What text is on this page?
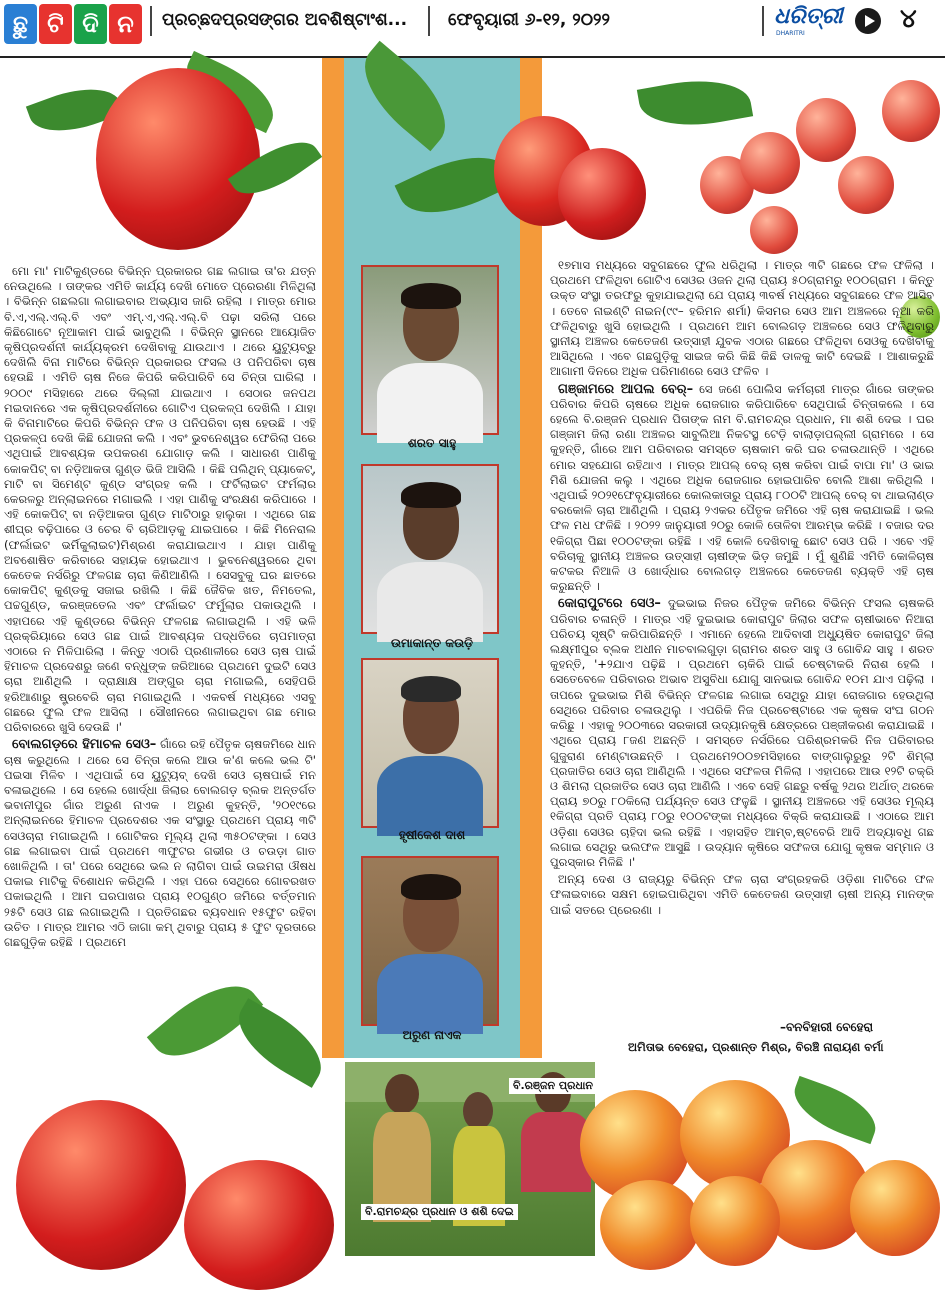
ଛୁ ଟି ଦି ନ	ପ୍ରଚ୍ଛଦପ୍ରସଙ୍ଗର ଅବଶିଷ୍ଟାଂଶ... ଫେବୃୟାରୀ ୬-୧୨, ୨୦୨୨	ଧରିତ୍ରୀ
DHARITRI	୪
ଶରତ ସାହୁ
ଉମାକାନ୍ତ କଉଡ଼ି
ହୃଷୀକେଶ ଦାଶ
ଅରୁଣ ନାଏକ

ମୋ ମା' ମାଟିକୁଣ୍ଡରେ ବିଭିନ୍ନ ପ୍ରକାରର ଗଛ ଲଗାଇ ତା'ର ଯତ୍ନ ନେଉଥିଲେ । ତାଙ୍କର ଏମିତି କାର୍ଯ୍ୟ ଦେଖି ମୋତେ ପ୍ରେରଣା ମିଳିଥିଲା । ବିଭିନ୍ନ ଗଛଲଗା ଲଗାଇବାର ଅଭ୍ୟାସ ଜାରି ରହିଲା । ମାତ୍ର ମୋର ବି.ଏ,ଏଲ୍.ଏଲ୍.ବି ଏବଂ ଏମ୍.ଏ,ଏଲ୍.ଏଲ୍.ବି ପଢ଼ା ସରିଲା ପରେ କିଛିଗୋଟେ ନୂଆକାମ ପାଇଁ ଭାବୁଥିଲି । ବିଭିନ୍ନ ସ୍ଥାନରେ ଆୟୋଜିତ କୃଷିପ୍ରଦର୍ଶନୀ କାର୍ଯ୍ୟକ୍ରମ ଦେଖିବାକୁ ଯାଉଥାଏ । ଥରେ ୟୁଟ୍ୟୁବ୍‌ରୁ ଦେଖିଲି ବିନା ମାଟିରେ ବିଭିନ୍ନ ପ୍ରକାରର ଫସଲ ଓ ପନିପରିବା ଚାଷ ହେଉଛି । ଏମିତି ଚାଷ ନିଜେ କିପରି କରିପାରିବି ସେ ଚିନ୍ତା ଘାରିଲା । ୨୦୦୯ ମସିହାରେ ଥରେ ଦିଲ୍ଲୀ ଯାଇଥାଏ । ସେଠାର ଜନପଥ ମଇଦାନରେ ଏକ କୃଷିପ୍ରଦର୍ଶନୀରେ ଗୋଟିଏ ପ୍ରକଳ୍ପ ଦେଖିଲି । ଯାହା କି ବିନାମାଟିରେ କିପରି ବିଭିନ୍ନ ଫଳ ଓ ପନିପରିବା ଚାଷ ହେଉଛି । ଏହି ପ୍ରକଳ୍ପ ଦେଖି କିଛି ଯୋଜନା କଲି । ଏବଂ ଭୁବନେଶ୍ୱର ଫେରିଲା ପରେ ଏଥିପାଇଁ ଆବଶ୍ୟକ ଉପକରଣ ଯୋଗାଡ଼ କଲି । ସାଧାରଣ ପାଣିକୁ କୋକପିଟ୍ ବା ନଡ଼ିଆକତା ଗୁଣ୍ଡ ଭିଜି ଆସିଲି । କିଛି ପଲିଥିନ୍ ପ୍ୟାକେଟ୍, ମାଟି ବା ସିମେଣ୍ଟ କୁଣ୍ଡ ସଂଗ୍ରହ କଲି । ଫର୍ଟିଲାଇଟ ଫର୍ମଲାର କେରଳରୁ ଅନ୍‌ଲାଇନରେ ମଗାଇଲି । ଏହା ପାଣିକୁ ସଂରକ୍ଷଣ କରିପାରେ । ଏହି କୋକପିଟ୍ ବା ନଡ଼ିଆକତା ଗୁଣ୍ଡ ମାଟିଠାରୁ ହାଲୁକା । ଏଥିରେ ଗଛ ଶୀଘ୍ର ବଢ଼ିପାରେ ଓ ଚେର ବି ଚାରିଆଡ଼କୁ ଯାଇପାରେ । କିଛି ମିନେରାଲ (ଫର୍ଲାଇଟ ଭର୍ମିକୁଲାଇଟ)ମିଶ୍ରଣ କରାଯାଇଥାଏ । ଯାହା ପାଣିକୁ ଅବଶୋଷିତ କରିବାରେ ସହାୟକ ହୋଇଥାଏ । ଭୁବନେଶ୍ୱରରେ ଥିବା କେତେକ ନର୍ସରିରୁ ଫଳଗଛ ଚାରା କିଣିଆଣିଲି । ସେସବୁକୁ ଘର ଛାତରେ କୋକପିଟ୍ କୁଣ୍ଡକୁ ସଜାଇ ରଖିଲି । କିଛି ଜୈବିକ ଖତ, ନିମତେଲ, ପଚ୍ଚଗୁଣ୍ଡ, କରଞ୍ଜତେଲ ଏବଂ ଫର୍ଲାଇଟ ଫର୍ମୁଲାର ପକାଉଥିଲି । ଏହାପରେ ଏହି କୁଣ୍ଡରେ ବିଭିନ୍ନ ଫଳଗଛ ଲଗାଇଥିଲି । ଏହି ଭଳି ପ୍ରକ୍ରିୟାରେ ସେଓ ଗଛ ପାଇଁ ଆବଶ୍ୟକ ପଦ୍ଧତିରେ ଚାପମାତ୍ରା ଏଠାରେ ନ ମିଳିପାରିଲା । କିନ୍ତୁ ଏଠାରି ପ୍ରଣାଳୀରେ ସେଓ ଚାଷ ପାଇଁ ହିମାଚଳ ପ୍ରଦେଶରୁ ଜଣେ ବନ୍ଧୁଙ୍କ ଜରିଆରେ ପ୍ରଥମେ ଦୁଇଟି ସେଓ ଚାରା ଆଣିଥିଲି । ଦ୍ରାକ୍ଷାକ୍ଷ ଅଙ୍ଗୁର ଚାରା ମଗାଇଲି, ସେହିପରି ହରିଆଣାରୁ ଷ୍ଟ୍ରବେରି ଚାରା ମଗାଇଥିଲି । ଏକବର୍ଷ ମଧ୍ୟରେ ଏସବୁ ଗଛରେ ଫୁଲ ଫଳ ଆସିଲା । ସୌଖୀନରେ ଲଗାଇଥିବା ଗଛ ମୋର ପରିବାରରେ ଖୁସି ଦେଉଛି ।'

ବୋଲଗଡ଼ରେ ହିମାଚଳ ସେଓ– ଗାଁରେ ରହି ପୈତୃକ ଚାଷଜମିରେ ଧାନ ଚାଷ କରୁଥିଲେ । ଥରେ ସେ ଚିନ୍ତା କଲେ ଆଉ କ'ଣ କଲେ ଭଲ ଟି' ପଇସା ମିଳିବ । ଏଥିପାଇଁ ସେ ୟୁଟ୍ୟୁବ୍ ଦେଖି ସେଓ ଚାଷପାଇଁ ମନ ବଳାଇଥିଲେ । ସେ ହେଲେ ଖୋର୍ଦ୍ଧା ଜିଲାର ବୋଲଗଡ଼ ବ୍ଲକ ଅନ୍ତର୍ଗତ ଭବାନୀପୁର ଗାଁର ଅରୁଣ ନାଏକ । ଅରୁଣ କୁହନ୍ତି, '୨୦୧୯ରେ ଅନ୍‌ଲାଇନରେ ହିମାଚଳ ପ୍ରଦେଶର ଏକ ସଂସ୍ଥାରୁ ପ୍ରଥମେ ପ୍ରାୟ ୩ଟି ସେଓଚାରା ମଗାଇଥିଲି । ଗୋଟିକର ମୂଲ୍ୟ ଥିଲା ୩୫୦ଟଙ୍କା । ସେଓ ଗଛ ଲଗାଇବା ପାଇଁ ପ୍ରଥମେ ୩ଫୁଟର ଗଭୀର ଓ ଚଉଡ଼ା ଗାତ ଖୋଳିଥିଲି । ତା' ପରେ ସେଥିରେ ଭଲ ନ ଲାଗିବା ପାଇଁ ଉଇମରା ଔଷଧ ପକାଇ ମାଟିକୁ ବିଶୋଧନ କରିଥିଲି । ଏହା ପରେ ସେଥିରେ ଗୋବରଖତ ପକାଇଥିଲି । ଆମ ଘରପାଖର ପ୍ରାୟ ୧୦ଗୁଣ୍ଠ ଜମିରେ ବର୍ତ୍ତମାନ ୨୫ଟି ସେଓ ଗଛ ଲଗାଇଥିଲି । ପ୍ରତିଗଛର ବ୍ୟବଧାନ ୧୫ଫୁଟ ରହିବା ଉଚିତ । ମାତ୍ର ଆମର ଏଠି ଜାଗା କମ୍ ଥିବାରୁ ପ୍ରାୟ ୫ ଫୁଟ ଦୂରତାରେ ଗଛଗୁଡ଼ିକ ରହିଛି । ପ୍ରଥମେ

୧୭ମାସ ମଧ୍ୟରେ ସବୁଗଛରେ ଫୁଲ ଧରିଥିଲା । ମାତ୍ର ୩ଟି ଗଛରେ ଫଳ ଫଳିଲା । ପ୍ରଥମେ ଫଳିଥିବା ଗୋଟିଏ ସେଓର ଓଜନ ଥିଲା ପ୍ରାୟ ୫୦ଗ୍ରାମରୁ ୧୦୦ଗ୍ରାମ । କିନ୍ତୁ ଉକ୍ତ ସଂସ୍ଥା ତରଫରୁ କୁହାଯାଇଥିଲା ଯେ ପ୍ରାୟ ୩ବର୍ଷ ମଧ୍ୟରେ ସବୁଗଛରେ ଫଳ ଆସିବ । ତେବେ ନାଇଣ୍ଟି ନାଇନ(୯୯– ହରିମନ ଶର୍ମା) କିସମର ସେଓ ଆମ ଅଞ୍ଚଳରେ ନୂଆ କରି ଫଳିଥିବାରୁ ଖୁସି ହୋଇଥିଲି । ପ୍ରଥମେ ଆମ ବୋଲଗଡ଼ ଅଞ୍ଚଳରେ ସେଓ ଫଳିଥିବାରୁ ସ୍ଥାନୀୟ ଅଞ୍ଚଳର କେତେଜଣ ଉତ୍ସାହୀ ଯୁବକ ଏଠାର ଗଛରେ ଫଳିଥିବା ସେଓକୁ ଦେଖିବାକୁ ଆସିଥିଲେ । ଏବେ ଗଛଗୁଡ଼ିକୁ ସାଇଜ କରି କିଛି କିଛି ଡାଳକୁ କାଟି ଦେଇଛି । ଆଶାକରୁଛି ଆଗାମୀ ଦିନରେ ଅଧିକ ପରିମାଣରେ ସେଓ ଫଳିବ ।

ଗଞ୍ଜାମରେ ଆପଲ ବେର୍– ସେ ଜଣେ ପୋଲିସ କର୍ମଚାରୀ ମାତ୍ର ଗାଁରେ ତାଙ୍କର ପରିବାର କିପରି ଚାଷରେ ଅଧିକ ରୋଜଗାର କରିପାରିବେ ସେଥିପାଇଁ ଚିନ୍ତାକଲେ । ସେ ହେଲେ ବି.ରଞ୍ଜନ ପ୍ରଧାନ ପିତାଙ୍କ ନାମ ବି.ରାମଚନ୍ଦ୍ର ପ୍ରଧାନ, ମା ଶଶି ଦେଇ । ଘର ଗଞ୍ଜାମ ଜିଲା ରଣା ଅଞ୍ଚଳର ସାବୁଲିଆ ନିକଟସ୍ଥ ଟେଡ଼ି ବାଲାଡ଼ାପଲ୍ଲୀ ଗ୍ରାମରେ । ସେ କୁହନ୍ତି, ଗାଁରେ ଆମ ପରିବାରର ସମସ୍ତେ ଚାଷକାମ କରି ଘର ଚଳାଉଥାନ୍ତି । ଏଥିରେ ମୋର ସହଯୋଗ ରହିଥାଏ । ମାତ୍ର ଆପଲ୍ ବେର୍ ଚାଷ କରିବା ପାଇଁ ବାପା ମା' ଓ ଭାଇ ମିଶି ଯୋଜନା କଲୁ । ଏଥିରେ ଅଧିକ ରୋଜଗାର ହୋଇପାରିବ ବୋଲି ଆଶା କରିଥିଲି । ଏଥିପାଇଁ ୨୦୨୧ଫେବୃୟାରୀରେ କୋଲକାତାରୁ ପ୍ରାୟ ୮୦୦ଟି ଆପଲ୍ ବେର୍ ବା ଥାଇଲାଣ୍ଡ ବରକୋଳି ଚାରା ଆଣିଥିଲି । ପ୍ରାୟ ୨ଏକର ପୈତୃକ ଜମିରେ ଏହି ଚାଷ କରାଯାଇଛି । ଭଲ ଫଳ ମଧ ଫଳିଛି । ୨୦୨୨ ଜାନୁୟାରୀ ୨୦ରୁ କୋଳି ତୋଳିବା ଆରମ୍ଭ କରିଛି । ବଜାର ଦର ୧କିଗ୍ରା ପିଛା ୧୦୦ଟଙ୍କା ରହିଛି । ଏହି କୋଳି ଦେଖିବାକୁ ଛୋଟ ସେଓ ପରି । ଏବେ ଏହି ବରିଚାକୁ ସ୍ଥାନୀୟ ଅଞ୍ଚଳର ଉତ୍ସାହୀ ଚାଷୀଙ୍କ ଭିଡ଼ ଜମୁଛି । ମୁଁ ଶୁଣିଛି ଏମିତି କୋଳିଚାଷ କଟକର ନିଆଳି ଓ ଖୋର୍ଦ୍ଧାର ବୋଲଗଡ଼ ଅଞ୍ଚଳରେ କେତେଜଣ ବ୍ୟକ୍ତି ଏହି ଚାଷ କରୁଛନ୍ତି ।

କୋରାପୁଟରେ ସେଓ– ଦୁଇଭାଇ ନିଜର ପୈତୃକ ଜମିରେ ବିଭିନ୍ନ ଫସଲ ଚାଷକରି ପରିବାର ଚଳାନ୍ତି । ମାତ୍ର ଏହି ଦୁଇଭାଇ କୋରାପୁଟ ଜିଲାର ସଫଳ ଚାଷୀଭାବେ ନିଆରା ପରିଚୟ ସୃଷ୍ଟି କରିପାରିଛନ୍ତି । ଏମାନେ ହେଲେ ଆଦିବାସୀ ଅଧ୍ୟୁଷିତ କୋରାପୁଟ ଜିଲା ଲକ୍ଷ୍ମୀପୁର ବ୍ଲକ ଅଧୀନ ମାଚବାଲଗୁଡ଼ା ଗ୍ରାମର ଶରତ ସାହୁ ଓ ଗୋବିନ୍ଦ ସାହୁ । ଶରତ କୁହନ୍ତି, '+୨ଯାଏ ପଢ଼ିଛି । ପ୍ରଥମେ ଚାକିରି ପାଇଁ ଚେଷ୍ଟାକରି ନିରାଶ ହେଲି । ସେତେବେଳେ ପରିବାରର ଅଭାବ ଅସୁବିଧା ଯୋଗୁ ସାନଭାଇ ଗୋବିନ୍ଦ ୧୦ମ ଯାଏ ପଢ଼ିଲା । ତାପରେ ଦୁଇଭାଇ ମିଶି ବିଭିନ୍ନ ଫଳଗଛ ଲଗାଇ ସେଥିରୁ ଯାହା ରୋଜଗାର ହେଉଥିଲା ସେଥିରେ ପରିବାର ଚଳାଉଥିଲୁ । ଏପରିକି ନିଜ ପ୍ରଚେଷ୍ଟାରେ ଏକ କୃଷକ ସଂଘ ଗଠନ କରିଛୁ । ଏହାକୁ ୨୦୦୩ରେ ସରକାରୀ ଉଦ୍ୟାନକୃଷି କ୍ଷେତ୍ରରେ ପଞ୍ଜୀକରଣ କରାଯାଇଛି । ଏଥିରେ ପ୍ରାୟ ୮ଜଣ ଅଛନ୍ତି । ସମସ୍ତେ ନର୍ସରିରେ ପରିଶ୍ରମକରି ନିଜ ପରିବାରର ଗୁଜୁରାଣ ମେଣ୍ଟାଉଛନ୍ତି । ପ୍ରଥମେ୨୦୦୭ମସିହାରେ ବାଙ୍ଗାଲୁରୁରୁ ୨ଟି ଶିମ୍ଲା ପ୍ରଜାତିର ସେଓ ଚାରା ଆଣିଥିଲି । ଏଥିରେ ସଫଳତା ମିଳିଲା । ଏହାପରେ ଆଉ ୧୨ଟି ଚକ୍ରି ଓ ଶିମଲା ପ୍ରଜାତିର ସେଓ ଚାରା ଆଣିଲି । ଏବେ ସେହି ଗଛରୁ ବର୍ଷକୁ ୨ଥର ଅର୍ଥାତ୍ ଥରକେ ପ୍ରାୟ ୭୦ରୁ ୮୦କିଲୋ ପର୍ଯ୍ୟନ୍ତ ସେଓ ଫଳୁଛି । ସ୍ଥାନୀୟ ଅଞ୍ଚଳରେ ଏହି ସେଓର ମୂଲ୍ୟ ୧କିଗ୍ରା ପ୍ରତି ପ୍ରାୟ ୮୦ରୁ ୧୦୦ଟଙ୍କା ମଧ୍ୟରେ ବିକ୍ରି କରାଯାଉଛି । ଏଠାରେ ଆମ ଓଡ଼ିଶା ସେଓର ଚାହିଦା ଭଲ ରହିଛି । ଏହାସହିତ ଆମ୍ବ,ଷ୍ଟବେରି ଆଦି ଅଦ୍ୟାବଧି ଗଛ ଲଗାଇ ସେଥିରୁ ଭଲଫଳ ଆସୁଛି । ଉଦ୍ୟାନ କୃଷିରେ ସଫଳତା ଯୋଗୁ କୃଷକ ସମ୍ମାନ ଓ ପୁରସ୍କାର ମିଳିଛି ।'

ଅନ୍ୟ ଦେଶ ଓ ରାଜ୍ୟରୁ ବିଭିନ୍ନ ଫଳ ଚାରା ସଂଗ୍ରହକରି ଓଡ଼ିଶା ମାଟିରେ ଫଳ ଫଳାଇବାରେ ସକ୍ଷମ ହୋଇପାରିଥିବା ଏମିତି କେତେଜଣ ଉତ୍ସାହୀ ଚାଷୀ ଅନ୍ୟ ମାନଙ୍କ ପାଇଁ ସତରେ ପ୍ରେରଣା ।

–ବନବିହାରୀ ବେହେରା
ଅମିତାଭ ବେହେରା, ପ୍ରଶାନ୍ତ ମିଶ୍ର, ବିରଞ୍ଚି ନାରାୟଣ ବର୍ମା
ବି.ରଞ୍ଜନ ପ୍ରଧାନ
ବି.ରାମଚନ୍ଦ୍ର ପ୍ରଧାନ ଓ ଶଶି ଦେଇ
